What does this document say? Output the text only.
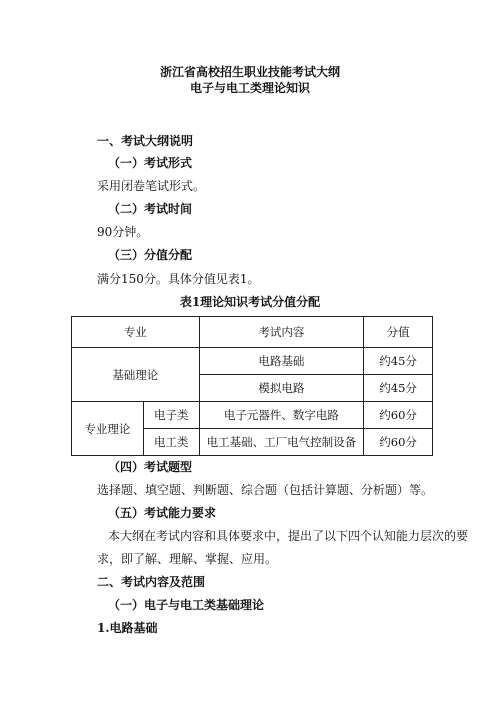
浙江省高校招生职业技能考试大纲
电子与电工类理论知识
一、考试大纲说明
（一）考试形式
采用闭卷笔试形式。
（二）考试时间
90分钟。
（三）分值分配
满分150分。具体分值见表1。
表1理论知识考试分值分配
专业		考试内容	分值
基础理论		电路基础	约45分
		模拟电路	约45分
专业理论	电子类	电子元器件、数字电路	约60分
	电工类	电工基础、工厂电气控制设备	约60分
（四）考试题型
选择题、填空题、判断题、综合题（包括计算题、分析题）等。
（五）考试能力要求
本大纲在考试内容和具体要求中，提出了以下四个认知能力层次的要
求，即了解、理解、掌握、应用。
二、考试内容及范围
（一）电子与电工类基础理论
1.电路基础
